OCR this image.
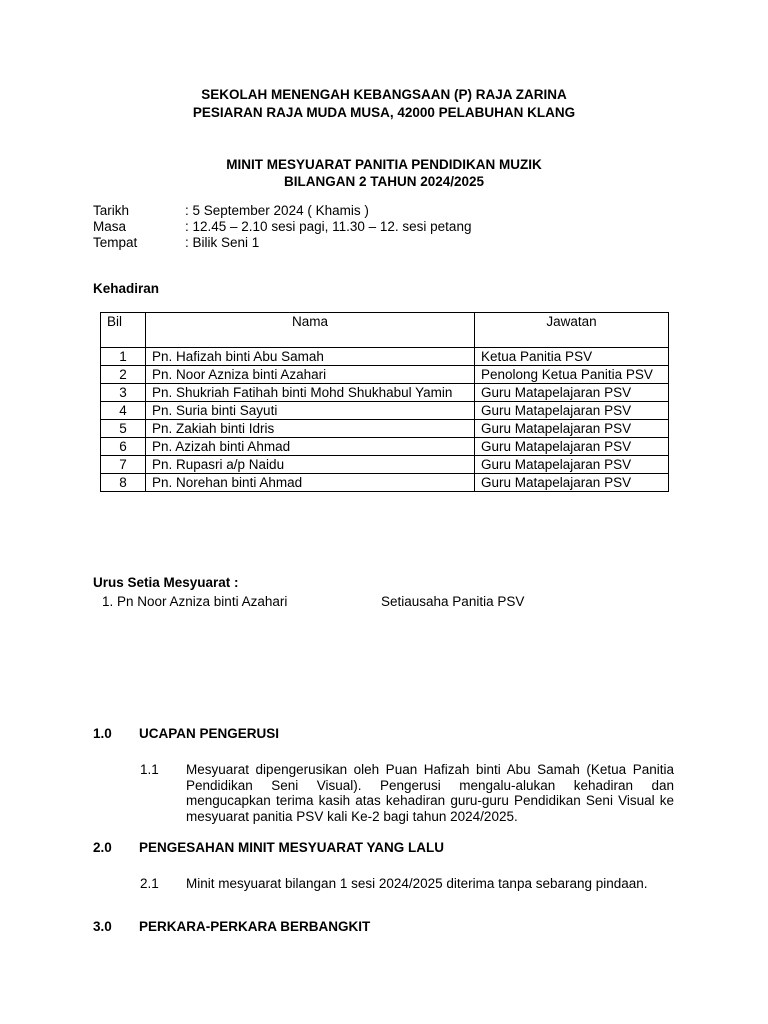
SEKOLAH MENENGAH KEBANGSAAN (P) RAJA ZARINA
PESIARAN RAJA MUDA MUSA, 42000 PELABUHAN KLANG
MINIT MESYUARAT PANITIA PENDIDIKAN MUZIK
BILANGAN 2 TAHUN 2024/2025
Tarikh	: 5 September 2024 ( Khamis )
Masa	: 12.45 – 2.10 sesi pagi, 11.30 – 12. sesi petang
Tempat	: Bilik Seni 1
Kehadiran
Bil	Nama	Jawatan
1	Pn. Hafizah binti Abu Samah	Ketua Panitia PSV
2	Pn. Noor Azniza binti Azahari	Penolong Ketua Panitia PSV
3	Pn. Shukriah Fatihah binti Mohd Shukhabul Yamin	Guru Matapelajaran PSV
4	Pn. Suria binti Sayuti	Guru Matapelajaran PSV
5	Pn. Zakiah binti Idris	Guru Matapelajaran PSV
6	Pn. Azizah binti Ahmad	Guru Matapelajaran PSV
7	Pn. Rupasri a/p Naidu	Guru Matapelajaran PSV
8	Pn. Norehan binti Ahmad	Guru Matapelajaran PSV
Urus Setia Mesyuarat :
1. Pn Noor Azniza binti Azahari	Setiausaha Panitia PSV
1.0 UCAPAN PENGERUSI
1.1 Mesyuarat dipengerusikan oleh Puan Hafizah binti Abu Samah (Ketua Panitia Pendidikan Seni Visual). Pengerusi mengalu-alukan kehadiran dan mengucapkan terima kasih atas kehadiran guru-guru Pendidikan Seni Visual ke mesyuarat panitia PSV kali Ke-2 bagi tahun 2024/2025.
2.0 PENGESAHAN MINIT MESYUARAT YANG LALU
2.1 Minit mesyuarat bilangan 1 sesi 2024/2025 diterima tanpa sebarang pindaan.
3.0 PERKARA-PERKARA BERBANGKIT
